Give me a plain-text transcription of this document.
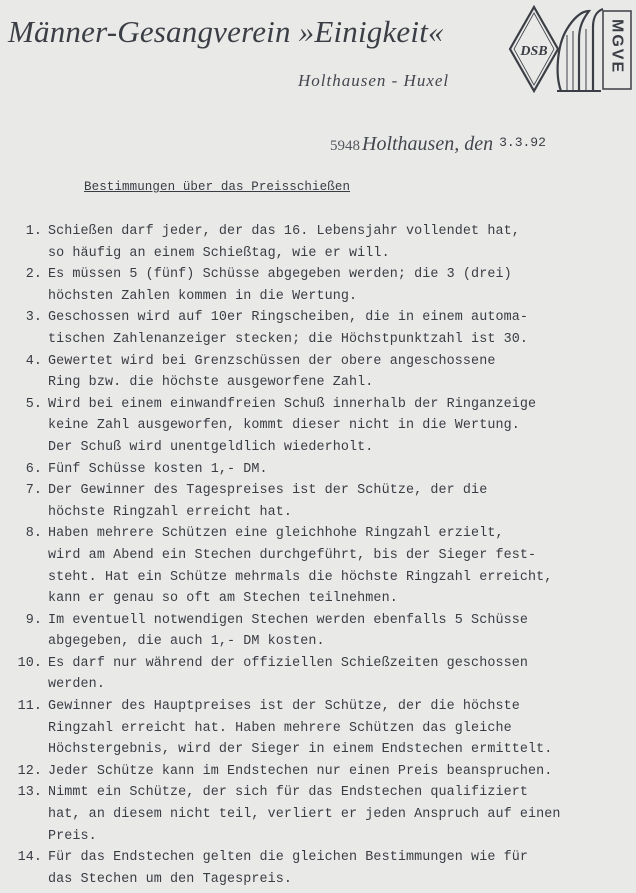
Männer-Gesangverein »Einigkeit«
Holthausen - Huxel
DSB	MGVE
5948 Holthausen, den 3.3.92
Bestimmungen über das Preisschießen
1. Schießen darf jeder, der das 16. Lebensjahr vollendet hat,
so häufig an einem Schießtag, wie er will.
2. Es müssen 5 (fünf) Schüsse abgegeben werden; die 3 (drei)
höchsten Zahlen kommen in die Wertung.
3. Geschossen wird auf 10er Ringscheiben, die in einem automa-
tischen Zahlenanzeiger stecken; die Höchstpunktzahl ist 30.
4. Gewertet wird bei Grenzschüssen der obere angeschossene
Ring bzw. die höchste ausgeworfene Zahl.
5. Wird bei einem einwandfreien Schuß innerhalb der Ringanzeige
keine Zahl ausgeworfen, kommt dieser nicht in die Wertung.
Der Schuß wird unentgeldlich wiederholt.
6. Fünf Schüsse kosten 1,- DM.
7. Der Gewinner des Tagespreises ist der Schütze, der die
höchste Ringzahl erreicht hat.
8. Haben mehrere Schützen eine gleichhohe Ringzahl erzielt,
wird am Abend ein Stechen durchgeführt, bis der Sieger fest-
steht. Hat ein Schütze mehrmals die höchste Ringzahl erreicht,
kann er genau so oft am Stechen teilnehmen.
9. Im eventuell notwendigen Stechen werden ebenfalls 5 Schüsse
abgegeben, die auch 1,- DM kosten.
10. Es darf nur während der offiziellen Schießzeiten geschossen
werden.
11. Gewinner des Hauptpreises ist der Schütze, der die höchste
Ringzahl erreicht hat. Haben mehrere Schützen das gleiche
Höchstergebnis, wird der Sieger in einem Endstechen ermittelt.
12. Jeder Schütze kann im Endstechen nur einen Preis beanspruchen.
13. Nimmt ein Schütze, der sich für das Endstechen qualifiziert
hat, an diesem nicht teil, verliert er jeden Anspruch auf einen
Preis.
14. Für das Endstechen gelten die gleichen Bestimmungen wie für
das Stechen um den Tagespreis.
